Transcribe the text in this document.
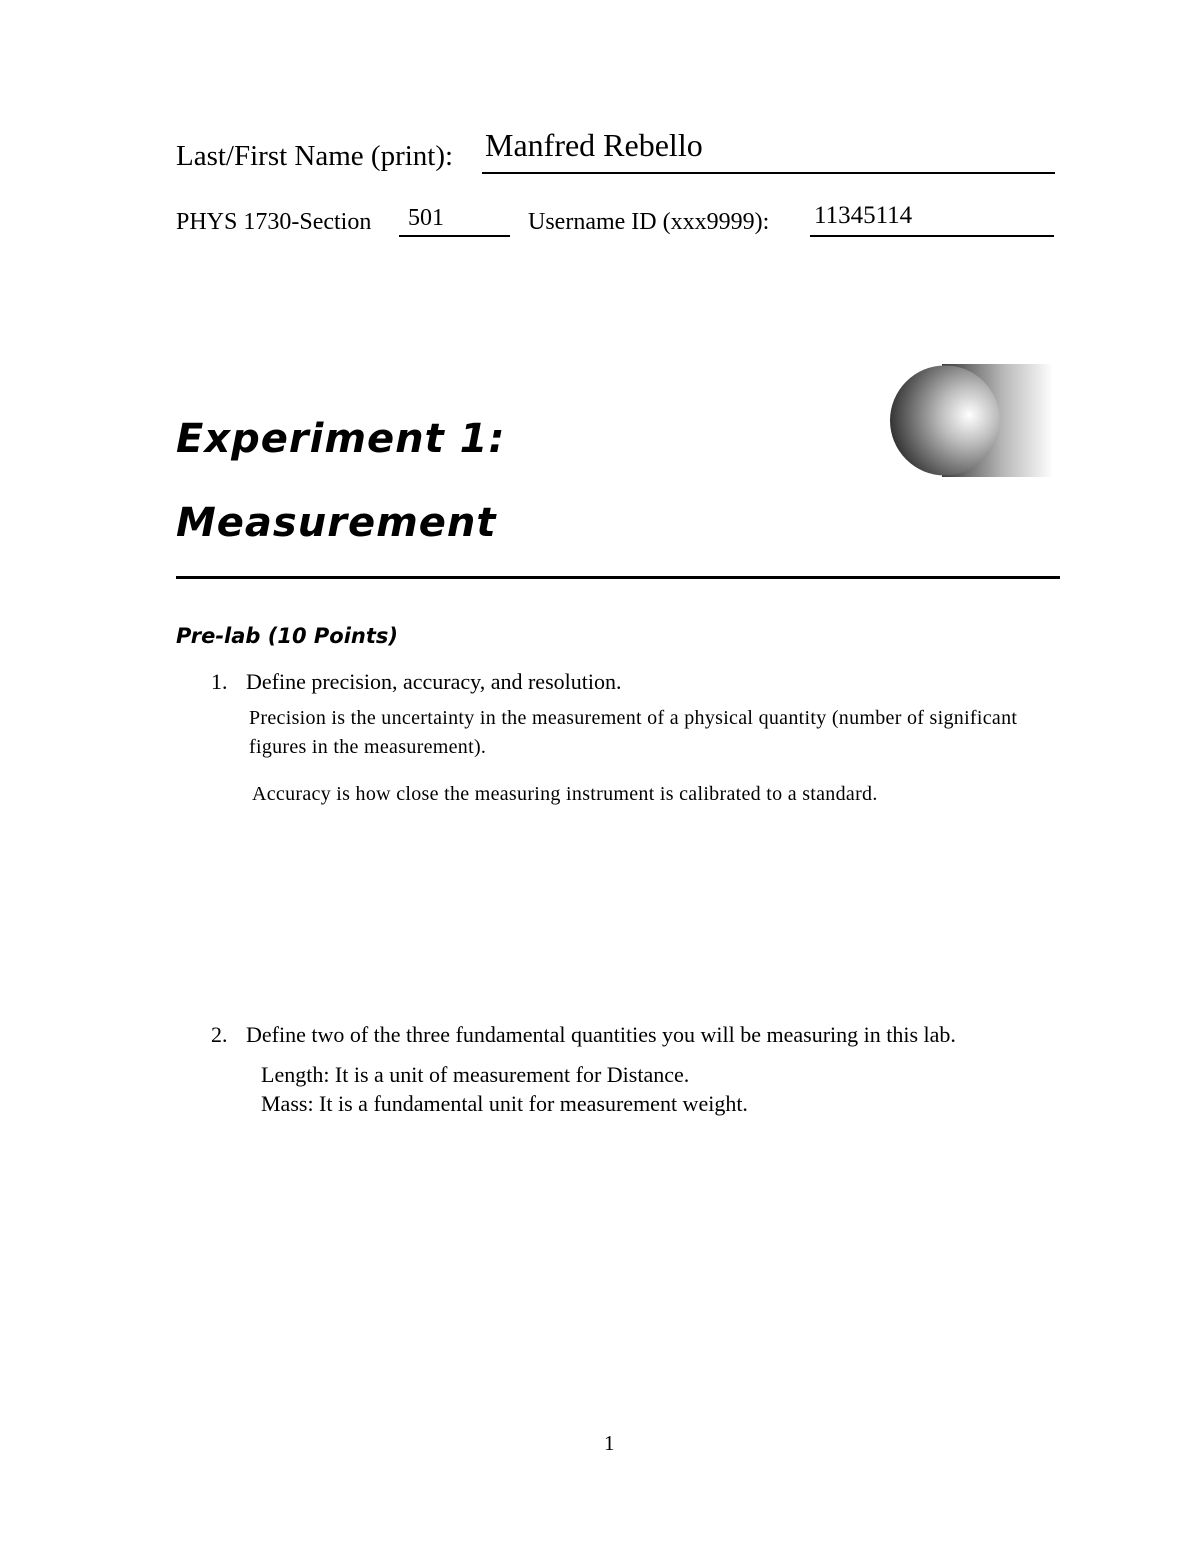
Last/First Name (print): Manfred Rebello
PHYS 1730-Section 501	Username ID (xxx9999): 11345114
Experiment 1:
Measurement
Pre-lab (10 Points)
1. Define precision, accuracy, and resolution.
Precision is the uncertainty in the measurement of a physical quantity (number of significant
figures in the measurement).
Accuracy is how close the measuring instrument is calibrated to a standard.
2. Define two of the three fundamental quantities you will be measuring in this lab.
Length: It is a unit of measurement for Distance.
Mass: It is a fundamental unit for measurement weight.
1
